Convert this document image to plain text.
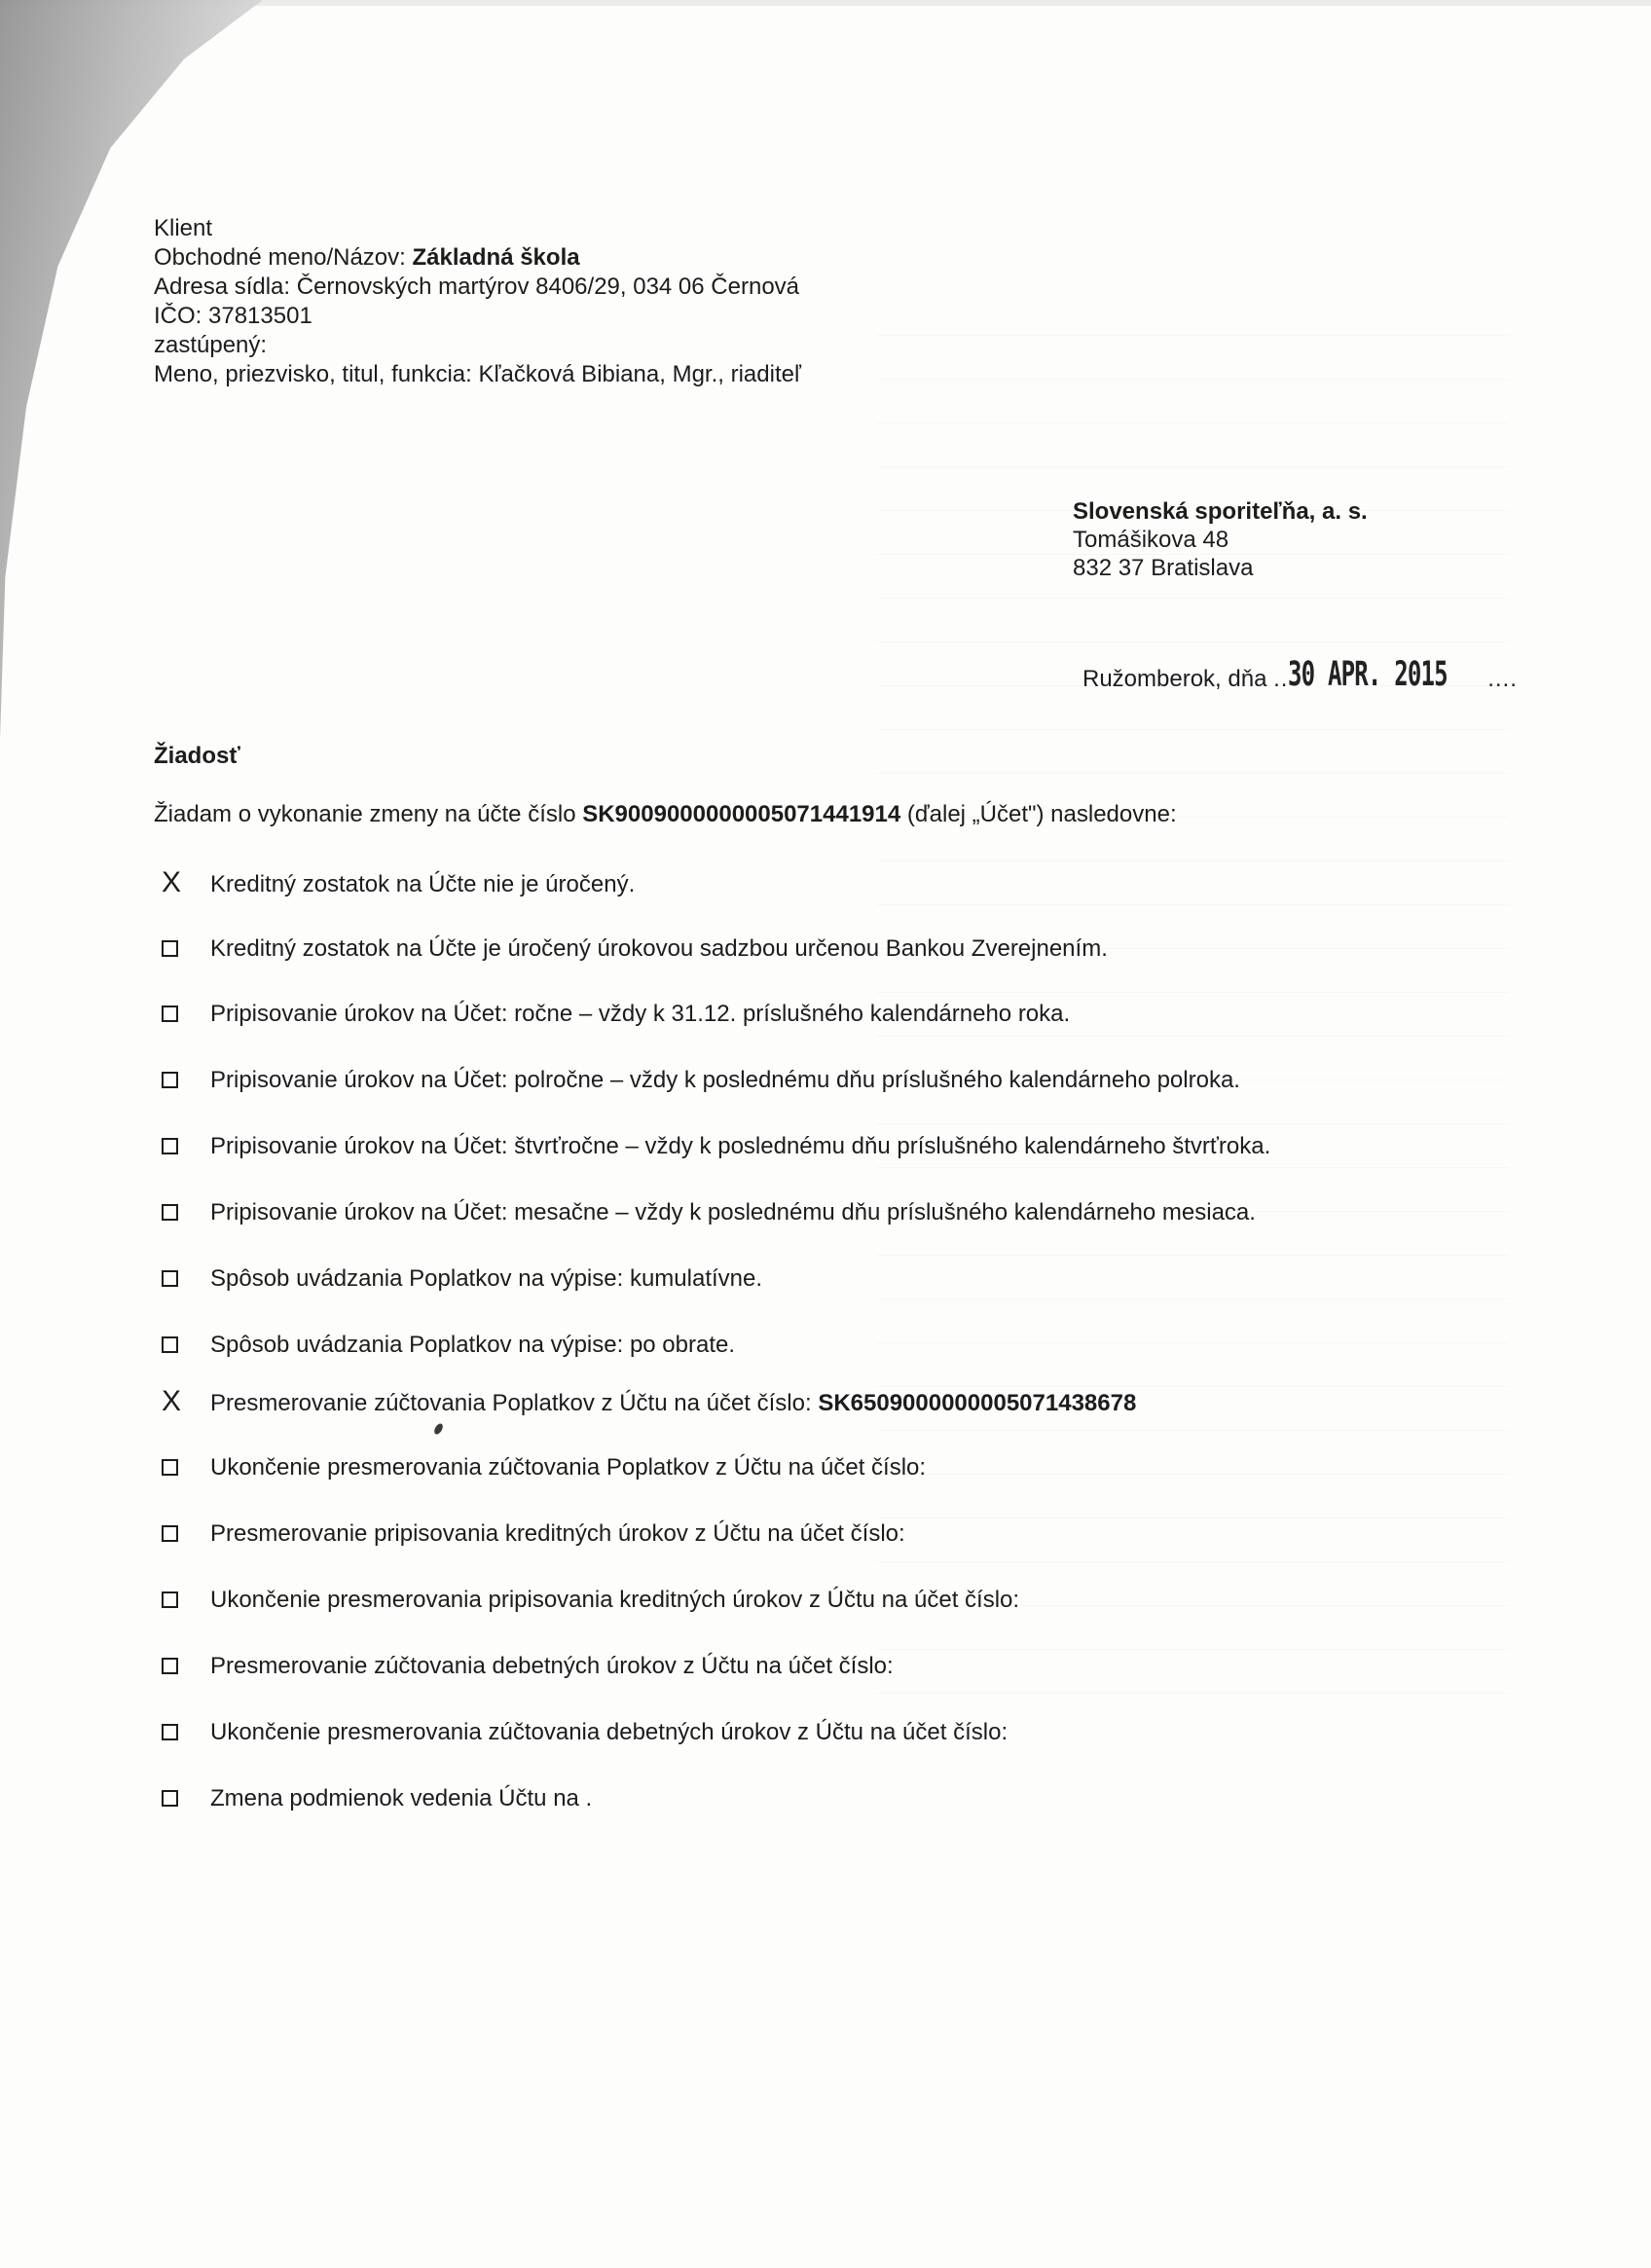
Klient
Obchodné meno/Názov: Základná škola
Adresa sídla: Černovských martýrov 8406/29, 034 06 Černová
IČO: 37813501
zastúpený:
Meno, priezvisko, titul, funkcia: Kľačková Bibiana, Mgr., riaditeľ
Slovenská sporiteľňa, a. s.
Tomášikova 48
832 37 Bratislava
Ružomberok, dňa ..30 APR. 2015 ....
Žiadosť
Žiadam o vykonanie zmeny na účte číslo SK9009000000005071441914 (ďalej „Účet") nasledovne:
X Kreditný zostatok na Účte nie je úročený.
Kreditný zostatok na Účte je úročený úrokovou sadzbou určenou Bankou Zverejnením.
Pripisovanie úrokov na Účet: ročne – vždy k 31.12. príslušného kalendárneho roka.
Pripisovanie úrokov na Účet: polročne – vždy k poslednému dňu príslušného kalendárneho polroka.
Pripisovanie úrokov na Účet: štvrťročne – vždy k poslednému dňu príslušného kalendárneho štvrťroka.
Pripisovanie úrokov na Účet: mesačne – vždy k poslednému dňu príslušného kalendárneho mesiaca.
Spôsob uvádzania Poplatkov na výpise: kumulatívne.
Spôsob uvádzania Poplatkov na výpise: po obrate.
X Presmerovanie zúčtovania Poplatkov z Účtu na účet číslo: SK6509000000005071438678
Ukončenie presmerovania zúčtovania Poplatkov z Účtu na účet číslo:
Presmerovanie pripisovania kreditných úrokov z Účtu na účet číslo:
Ukončenie presmerovania pripisovania kreditných úrokov z Účtu na účet číslo:
Presmerovanie zúčtovania debetných úrokov z Účtu na účet číslo:
Ukončenie presmerovania zúčtovania debetných úrokov z Účtu na účet číslo:
Zmena podmienok vedenia Účtu na .
